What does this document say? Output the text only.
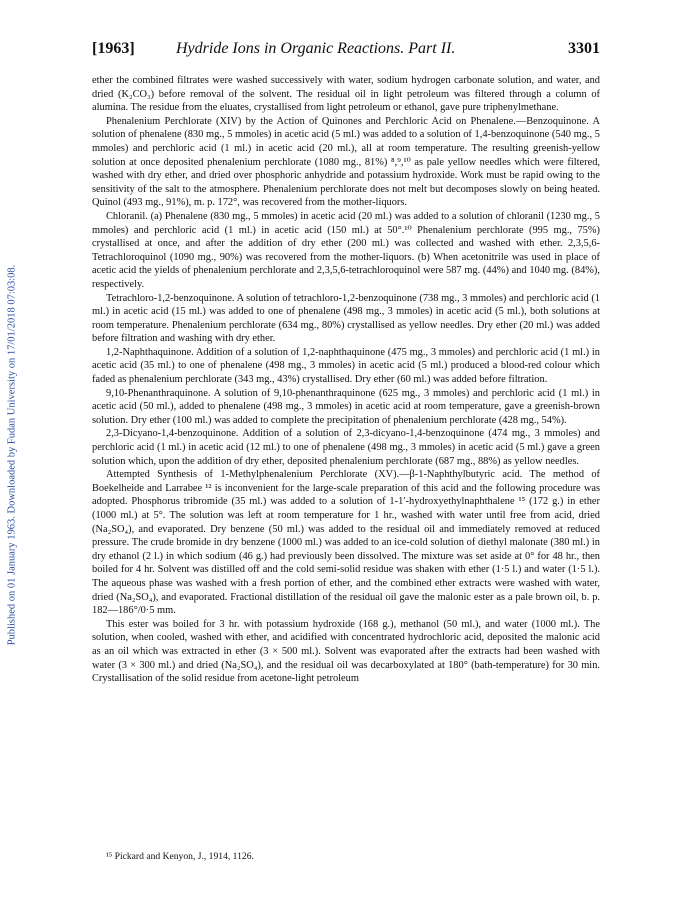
Published on 01 January 1963. Downloaded by Fudan University on 17/01/2018 07:03:08.
[1963]	Hydride Ions in Organic Reactions. Part II.	3301

ether the combined filtrates were washed successively with water, sodium hydrogen carbonate solution, and water, and dried (K₂CO₃) before removal of the solvent. The residual oil in light petroleum was filtered through a column of alumina. The residue from the eluates, crystallised from light petroleum or ethanol, gave pure triphenylmethane.

Phenalenium Perchlorate (XIV) by the Action of Quinones and Perchloric Acid on Phenalene.—Benzoquinone. A solution of phenalene (830 mg., 5 mmoles) in acetic acid (5 ml.) was added to a solution of 1,4-benzoquinone (540 mg., 5 mmoles) and perchloric acid (1 ml.) in acetic acid (20 ml.), all at room temperature. The resulting greenish-yellow solution at once deposited phenalenium perchlorate (1080 mg., 81%) ⁸,⁹,¹⁰ as pale yellow needles which were filtered, washed with dry ether, and dried over phosphoric anhydride and potassium hydroxide. Work must be rapid owing to the sensitivity of the salt to the atmosphere. Phenalenium perchlorate does not melt but decomposes slowly on being heated. Quinol (493 mg., 91%), m. p. 172°, was recovered from the mother-liquors.

Chloranil. (a) Phenalene (830 mg., 5 mmoles) in acetic acid (20 ml.) was added to a solution of chloranil (1230 mg., 5 mmoles) and perchloric acid (1 ml.) in acetic acid (150 ml.) at 50°.¹⁰ Phenalenium perchlorate (995 mg., 75%) crystallised at once, and after the addition of dry ether (200 ml.) was collected and washed with ether. 2,3,5,6-Tetrachloroquinol (1090 mg., 90%) was recovered from the mother-liquors. (b) When acetonitrile was used in place of acetic acid the yields of phenalenium perchlorate and 2,3,5,6-tetrachloroquinol were 587 mg. (44%) and 1040 mg. (84%), respectively.

Tetrachloro-1,2-benzoquinone. A solution of tetrachloro-1,2-benzoquinone (738 mg., 3 mmoles) and perchloric acid (1 ml.) in acetic acid (15 ml.) was added to one of phenalene (498 mg., 3 mmoles) in acetic acid (5 ml.), both solutions at room temperature. Phenalenium perchlorate (634 mg., 80%) crystallised as yellow needles. Dry ether (20 ml.) was added before filtration and washing with dry ether.

1,2-Naphthaquinone. Addition of a solution of 1,2-naphthaquinone (475 mg., 3 mmoles) and perchloric acid (1 ml.) in acetic acid (35 ml.) to one of phenalene (498 mg., 3 mmoles) in acetic acid (5 ml.) produced a blood-red colour which faded as phenalenium perchlorate (343 mg., 43%) crystallised. Dry ether (60 ml.) was added before filtration.

9,10-Phenanthraquinone. A solution of 9,10-phenanthraquinone (625 mg., 3 mmoles) and perchloric acid (1 ml.) in acetic acid (50 ml.), added to phenalene (498 mg., 3 mmoles) in acetic acid at room temperature, gave a greenish-brown solution. Dry ether (100 ml.) was added to complete the precipitation of phenalenium perchlorate (428 mg., 54%).

2,3-Dicyano-1,4-benzoquinone. Addition of a solution of 2,3-dicyano-1,4-benzoquinone (474 mg., 3 mmoles) and perchloric acid (1 ml.) in acetic acid (12 ml.) to one of phenalene (498 mg., 3 mmoles) in acetic acid (5 ml.) gave a green solution which, upon the addition of dry ether, deposited phenalenium perchlorate (687 mg., 88%) as yellow needles.

Attempted Synthesis of 1-Methylphenalenium Perchlorate (XV).—β-1-Naphthylbutyric acid. The method of Boekelheide and Larrabee ¹² is inconvenient for the large-scale preparation of this acid and the following procedure was adopted. Phosphorus tribromide (35 ml.) was added to a solution of 1-1′-hydroxyethylnaphthalene ¹⁵ (172 g.) in ether (1000 ml.) at 5°. The solution was left at room temperature for 1 hr., washed with water until free from acid, dried (Na₂SO₄), and evaporated. Dry benzene (50 ml.) was added to the residual oil and immediately removed at reduced pressure. The crude bromide in dry benzene (1000 ml.) was added to an ice-cold solution of diethyl malonate (380 ml.) in dry ethanol (2 l.) in which sodium (46 g.) had previously been dissolved. The mixture was set aside at 0° for 48 hr., then boiled for 4 hr. Solvent was distilled off and the cold semi-solid residue was shaken with ether (1·5 l.) and water (1·5 l.). The aqueous phase was washed with a fresh portion of ether, and the combined ether extracts were washed with water, dried (Na₂SO₄), and evaporated. Fractional distillation of the residual oil gave the malonic ester as a pale brown oil, b. p. 182—186°/0·5 mm.

This ester was boiled for 3 hr. with potassium hydroxide (168 g.), methanol (50 ml.), and water (1000 ml.). The solution, when cooled, washed with ether, and acidified with concentrated hydrochloric acid, deposited the malonic acid as an oil which was extracted in ether (3 × 500 ml.). Solvent was evaporated after the extracts had been washed with water (3 × 300 ml.) and dried (Na₂SO₄), and the residual oil was decarboxylated at 180° (bath-temperature) for 30 min. Crystallisation of the solid residue from acetone-light petroleum

¹⁵ Pickard and Kenyon, J., 1914, 1126.
